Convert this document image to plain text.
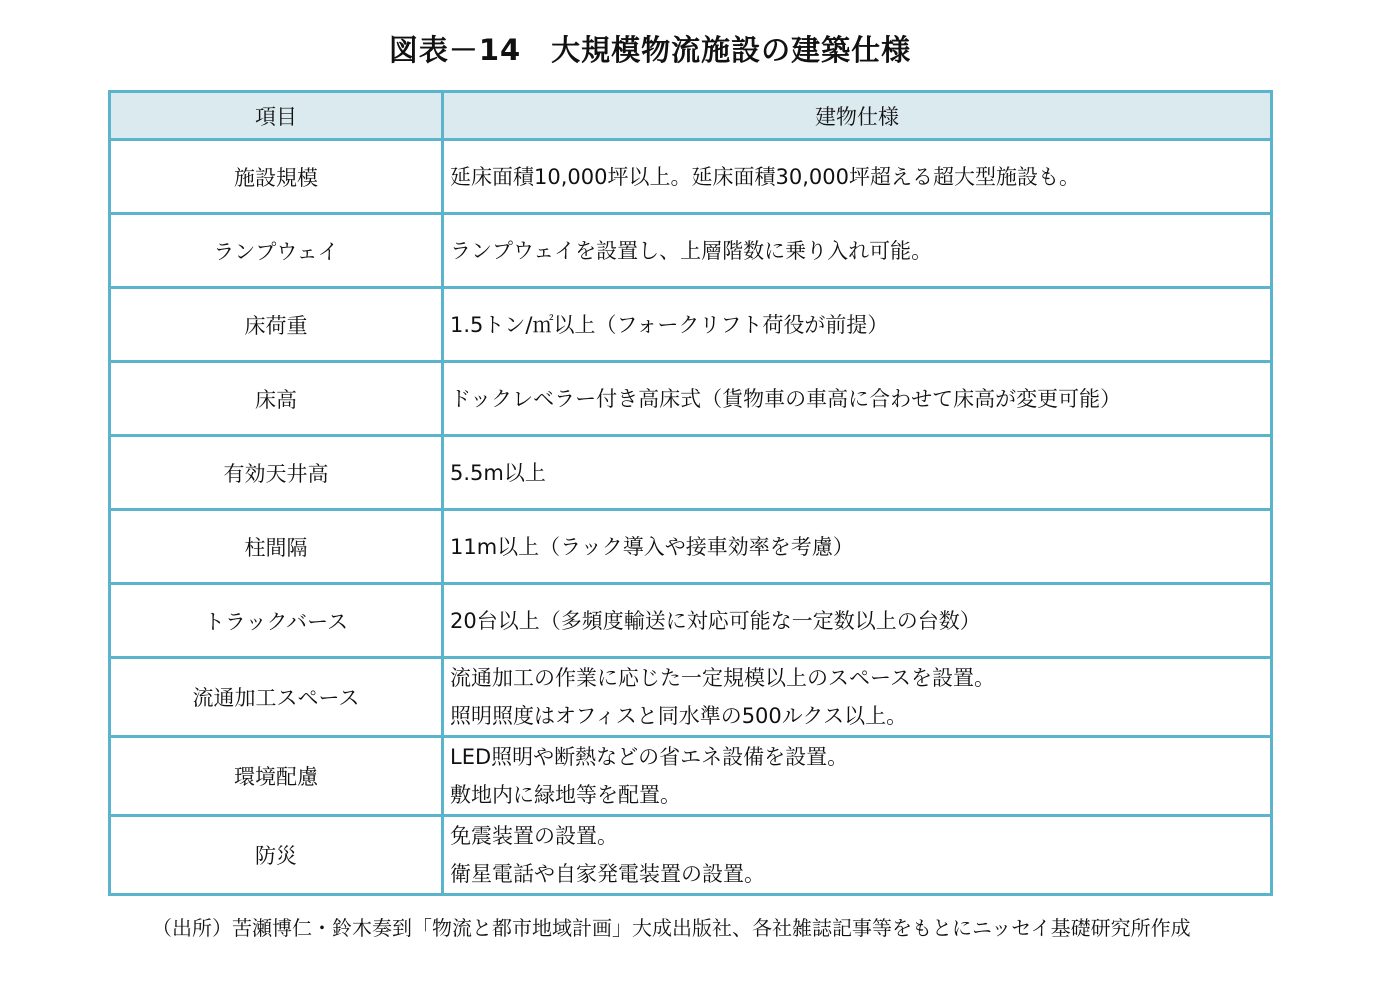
図表－14　大規模物流施設の建築仕様
項目	建物仕様
施設規模	延床面積10,000坪以上。延床面積30,000坪超える超大型施設も。

ランプウェイ	ランプウェイを設置し、上層階数に乗り入れ可能。

床荷重	1.5トン/㎡以上（フォークリフト荷役が前提）

床高	ドックレベラー付き高床式（貨物車の車高に合わせて床高が変更可能）

有効天井高	5.5m以上

柱間隔	11m以上（ラック導入や接車効率を考慮）

トラックバース	20台以上（多頻度輸送に対応可能な一定数以上の台数）

流通加工スペース	流通加工の作業に応じた一定規模以上のスペースを設置。
照明照度はオフィスと同水準の500ルクス以上。

環境配慮	LED照明や断熱などの省エネ設備を設置。
敷地内に緑地等を配置。

防災	免震装置の設置。
衛星電話や自家発電装置の設置。
（出所）苦瀬博仁・鈴木奏到「物流と都市地域計画」大成出版社、各社雑誌記事等をもとにニッセイ基礎研究所作成
